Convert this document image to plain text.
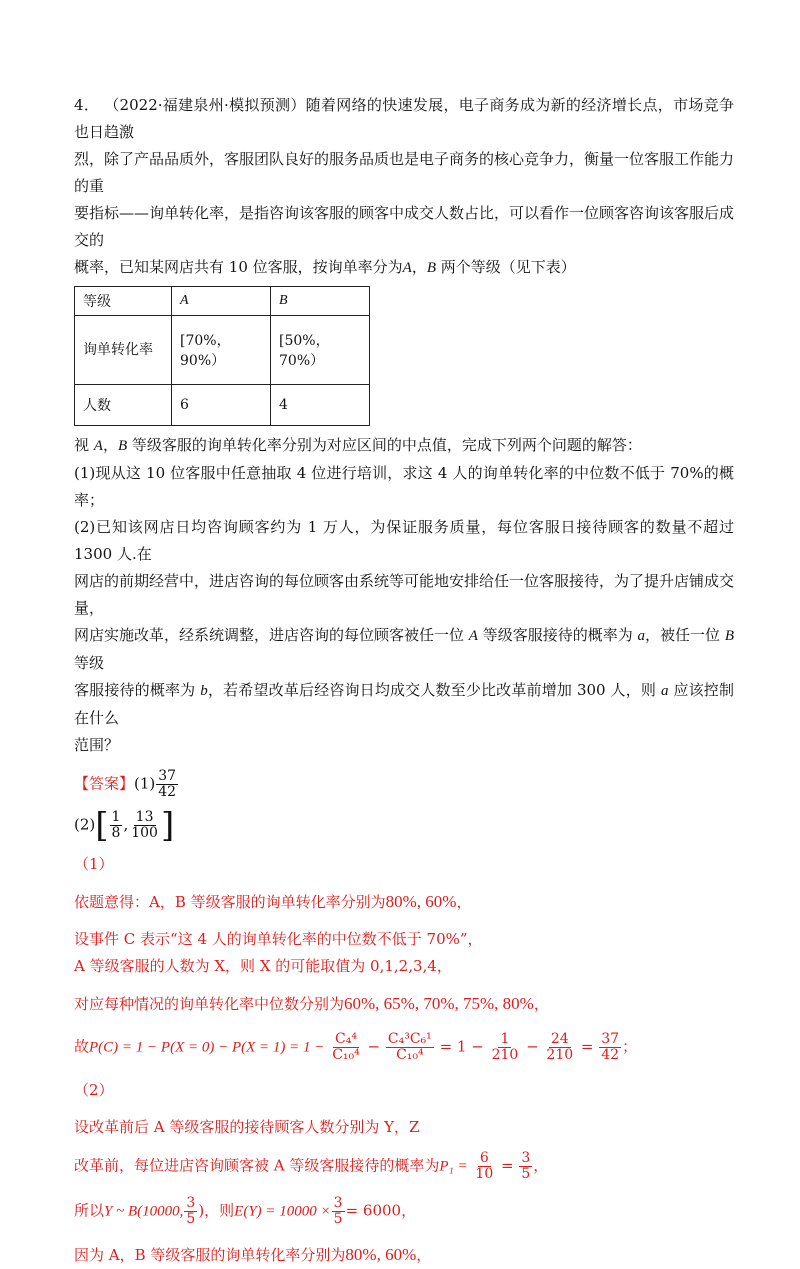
4． （2022·福建泉州·模拟预测）随着网络的快速发展，电子商务成为新的经济增长点，市场竞争也日趋激
烈，除了产品品质外，客服团队良好的服务品质也是电子商务的核心竞争力，衡量一位客服工作能力的重
要指标——询单转化率，是指咨询该客服的顾客中成交人数占比，可以看作一位顾客咨询该客服后成交的
概率，已知某网店共有 10 位客服，按询单率分为A，B 两个等级（见下表）

等级	A	B
询单转化率	[70%，90%）	[50%，70%）
人数	6	4

视 A，B 等级客服的询单转化率分别为对应区间的中点值，完成下列两个问题的解答：

(1)现从这 10 位客服中任意抽取 4 位进行培训，求这 4 人的询单转化率的中位数不低于 70%的概率；

(2)已知该网店日均咨询顾客约为 1 万人，为保证服务质量，每位客服日接待顾客的数量不超过 1300 人.在
网店的前期经营中，进店咨询的每位顾客由系统等可能地安排给任一位客服接待，为了提升店铺成交量，
网店实施改革，经系统调整，进店咨询的每位顾客被任一位 A 等级客服接待的概率为 a，被任一位 B 等级
客服接待的概率为 b，若希望改革后经咨询日均成交人数至少比改革前增加 300 人，则 a 应该控制在什么
范围？

【答案】$(1) \frac{37}{42}$

$(2)[ \frac{1}{8}$ , $\frac{13}{100}$ ]

（1）

依题意得：A，B 等级客服的询单转化率分别为80%, 60%，

设事件 C 表示“这 4 人的询单转化率的中位数不低于 70%”，

A 等级客服的人数为 X，则 X 的可能取值为 0,1,2,3,4，

对应每种情况的询单转化率中位数分别为60%, 65%, 70%, 75%, 80%，

故$P(C) = 1 - P(X = 0) - P(X = 1) = 1 - \frac{\text{C₄⁴}}{\text{C₁₀⁴}} - \frac{\text{C₄³C₆¹}}{\text{C₁₀⁴}} = 1 - \frac{1}{210} - \frac{24}{210} = \frac{37}{42}$ ；

（2）

设改革前后 A 等级客服的接待顾客人数分别为 Y，Z

改革前，每位进店咨询顾客被 A 等级客服接待的概率为$P_1 = \frac{6}{10} = \frac{3}{5}$ ，

所以Y ~ B(10000, $\frac{3}{5}$ )，则$E(Y) = 10000 \times \frac{3}{5} = 6000$，

因为 A，B 等级客服的询单转化率分别为80%, 60%，
